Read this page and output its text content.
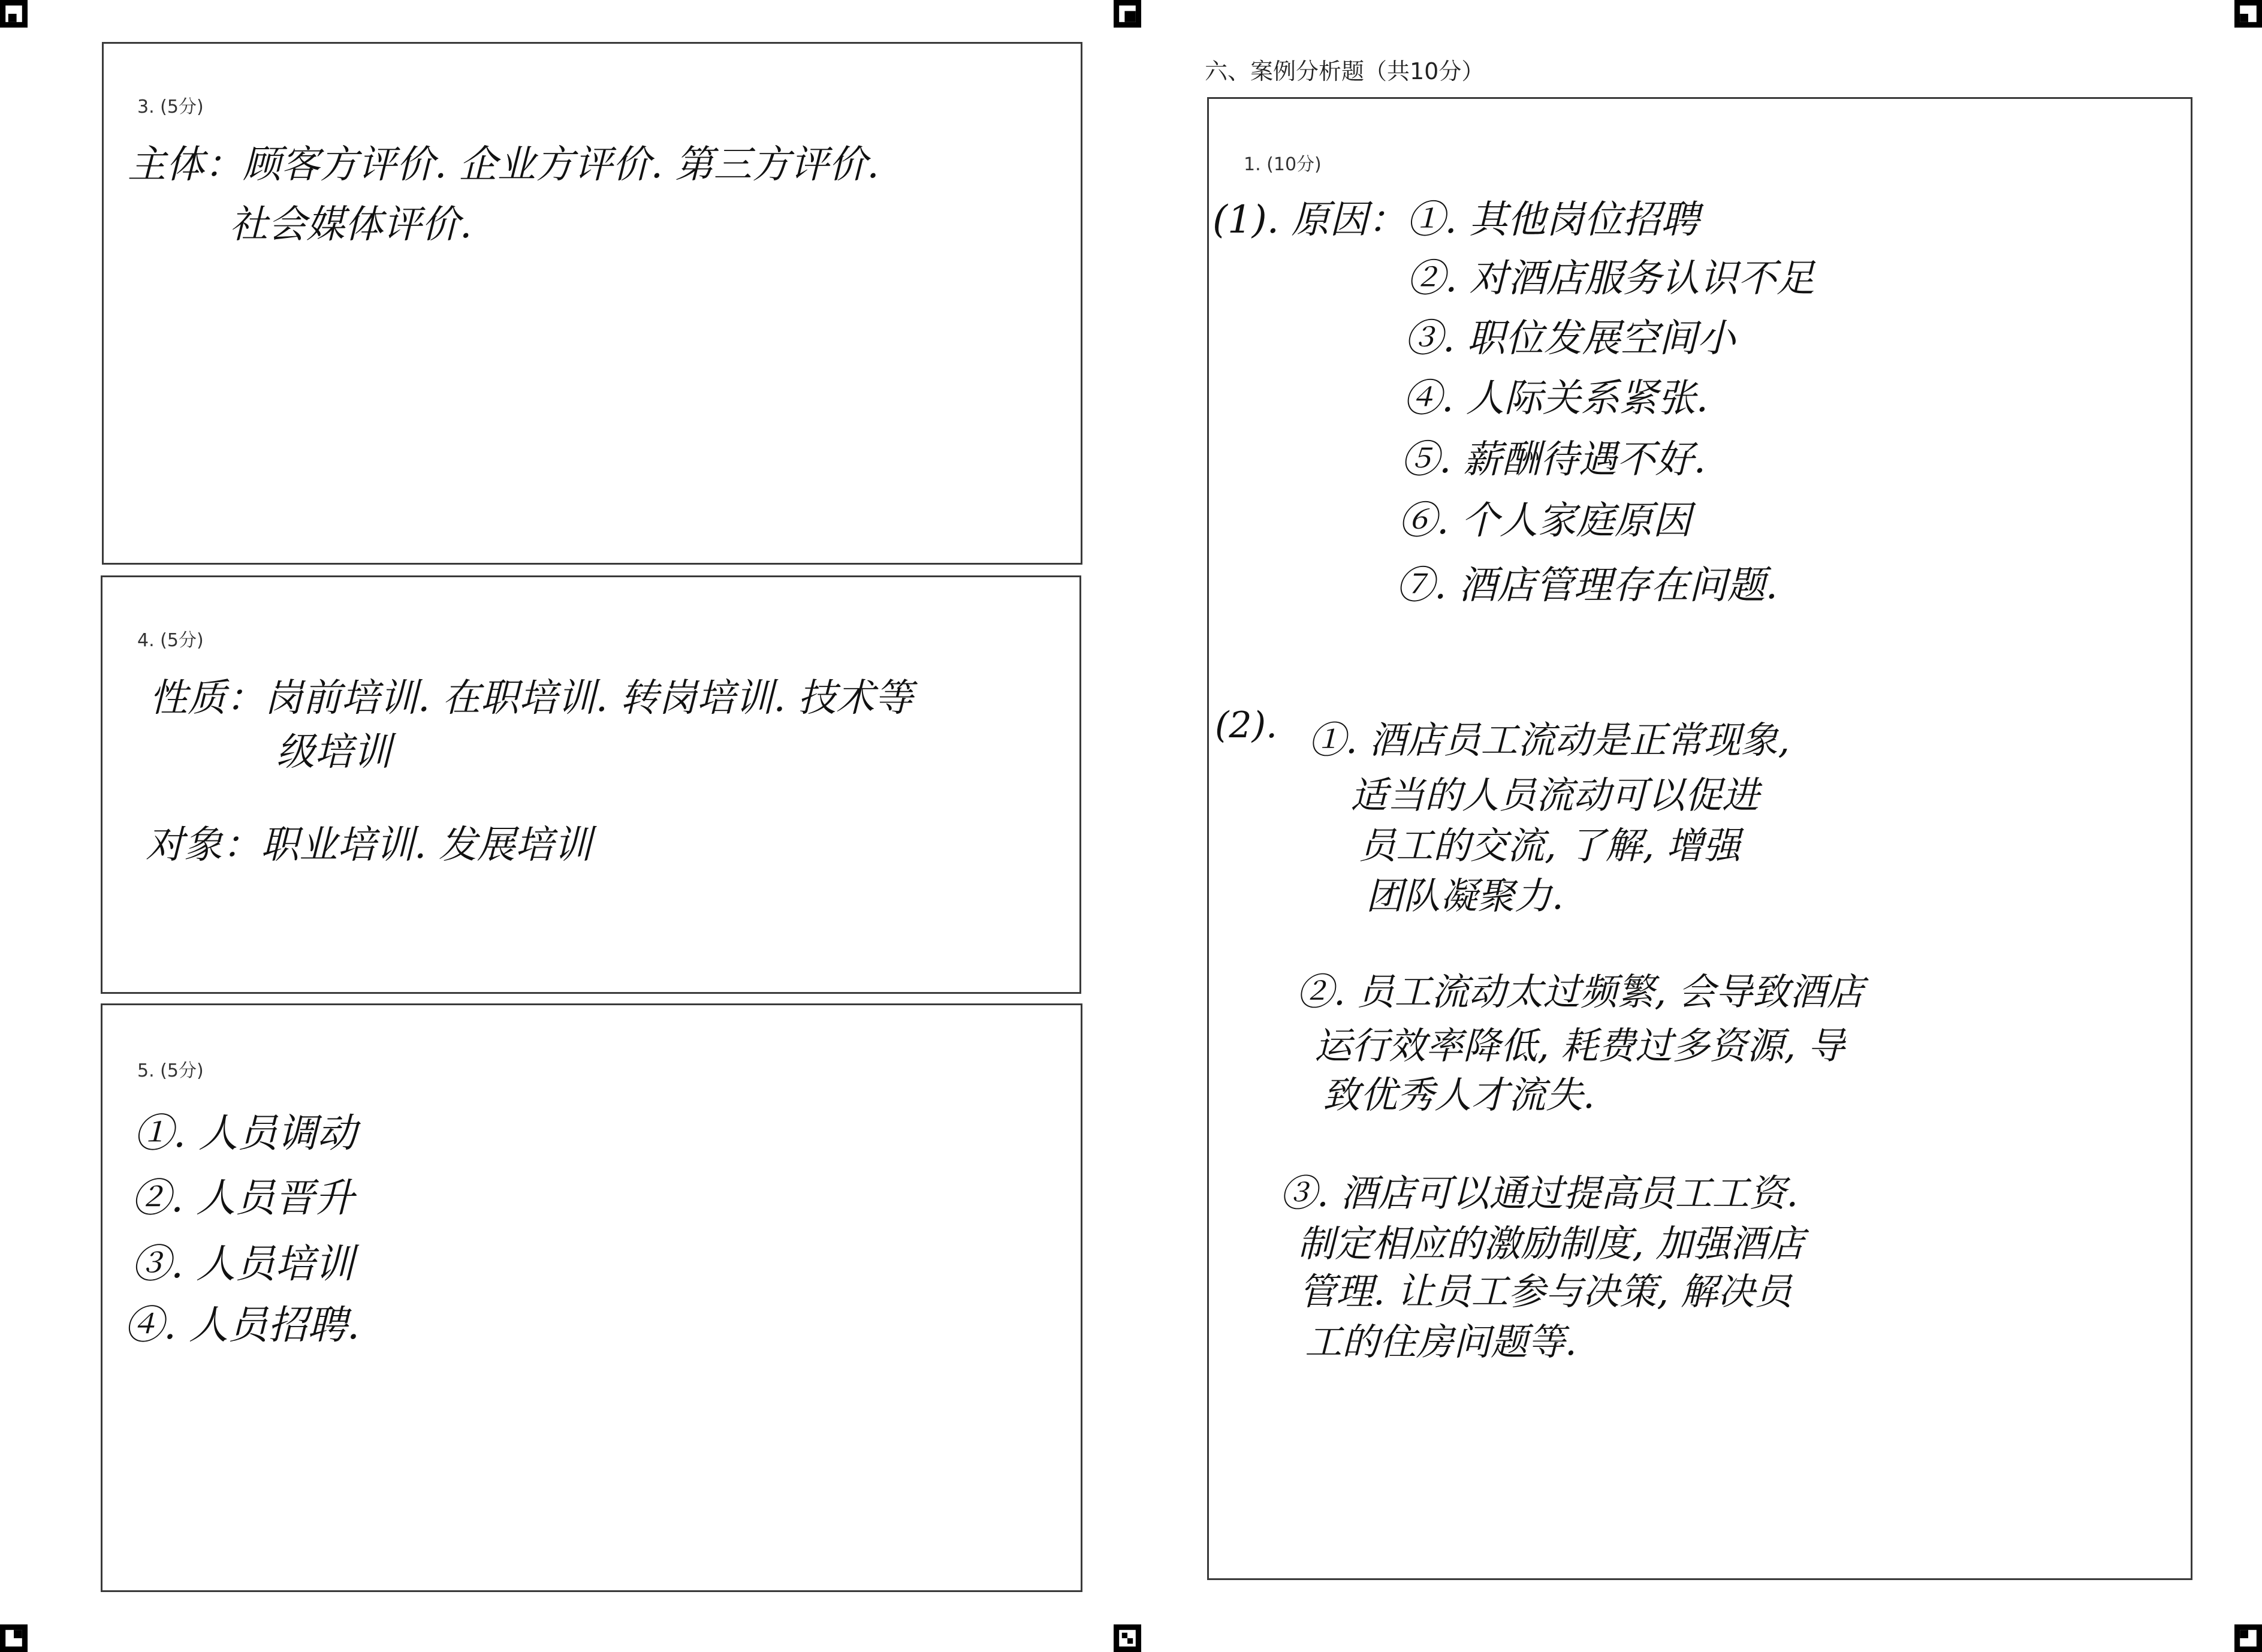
3. (5分)
主体：顾客方评价. 企业方评价. 第三方评价.
社会媒体评价.
4. (5分)
性质：岗前培训. 在职培训. 转岗培训. 技术等
级培训
对象：职业培训. 发展培训
5. (5分)
①. 人员调动
②. 人员晋升
③. 人员培训
④. 人员招聘.
六、案例分析题（共10分）
1. (10分)
(1). 原因：①. 其他岗位招聘
②. 对酒店服务认识不足
③. 职位发展空间小
④. 人际关系紧张.
⑤. 薪酬待遇不好.
⑥. 个人家庭原因
⑦. 酒店管理存在问题.
(2). ①. 酒店员工流动是正常现象,
适当的人员流动可以促进
员工的交流, 了解, 增强
团队凝聚力.
②. 员工流动太过频繁, 会导致酒店
运行效率降低, 耗费过多资源, 导
致优秀人才流失.
③. 酒店可以通过提高员工工资.
制定相应的激励制度, 加强酒店
管理. 让员工参与决策, 解决员
工的住房问题等.
